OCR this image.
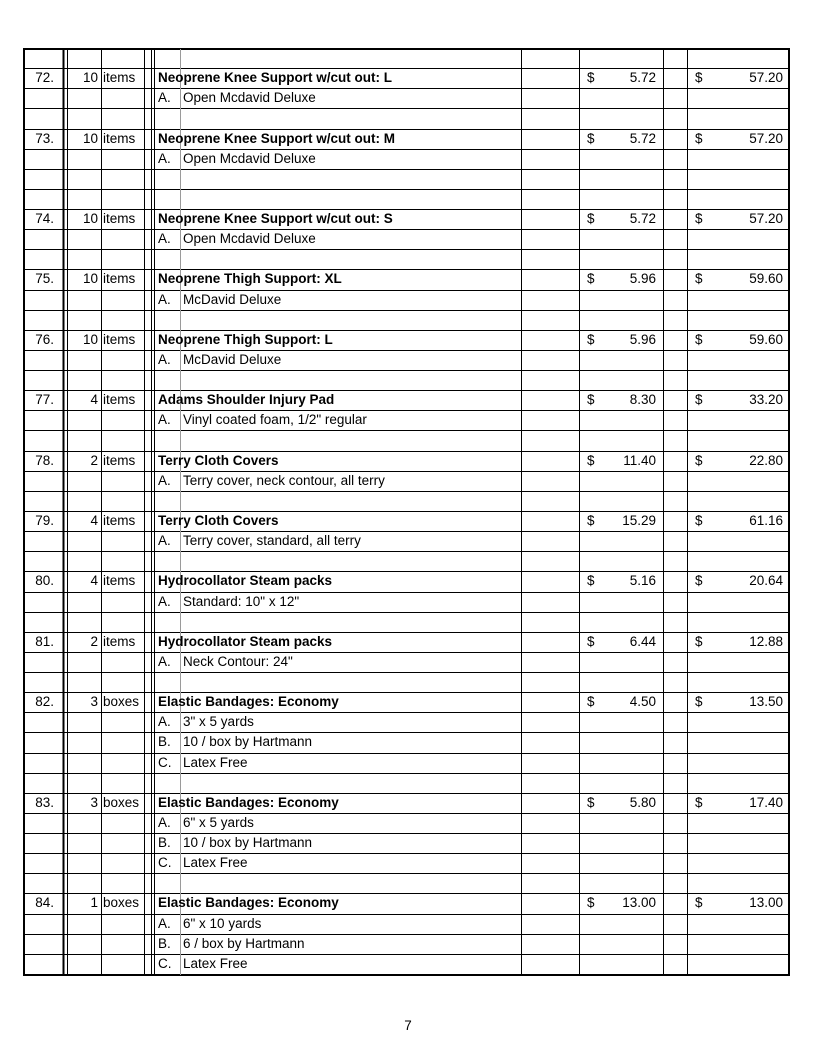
72.	10 items	Neoprene Knee Support w/cut out: L	$	5.72	$	57.20
A. Open Mcdavid Deluxe
73.	10 items	Neoprene Knee Support w/cut out: M	$	5.72	$	57.20
A. Open Mcdavid Deluxe
74.	10 items	Neoprene Knee Support w/cut out: S	$	5.72	$	57.20
A. Open Mcdavid Deluxe
75.	10 items	Neoprene Thigh Support: XL	$	5.96	$	59.60
A. McDavid Deluxe
76.	10 items	Neoprene Thigh Support: L	$	5.96	$	59.60
A. McDavid Deluxe
77.	4 items	Adams Shoulder Injury Pad	$	8.30	$	33.20
A. Vinyl coated foam, 1/2" regular
78.	2 items	Terry Cloth Covers	$	11.40	$	22.80
A. Terry cover, neck contour, all terry
79.	4 items	Terry Cloth Covers	$	15.29	$	61.16
A. Terry cover, standard, all terry
80.	4 items	Hydrocollator Steam packs	$	5.16	$	20.64
A. Standard: 10" x 12"
81.	2 items	Hydrocollator Steam packs	$	6.44	$	12.88
A. Neck Contour: 24"
82.	3 boxes	Elastic Bandages: Economy	$	4.50	$	13.50
A. 3" x 5 yards
B. 10 / box by Hartmann
C. Latex Free
83.	3 boxes	Elastic Bandages: Economy	$	5.80	$	17.40
A. 6" x 5 yards
B. 10 / box by Hartmann
C. Latex Free
84.	1 boxes	Elastic Bandages: Economy	$	13.00	$	13.00
A. 6" x 10 yards
B. 6 / box by Hartmann
C. Latex Free
7
